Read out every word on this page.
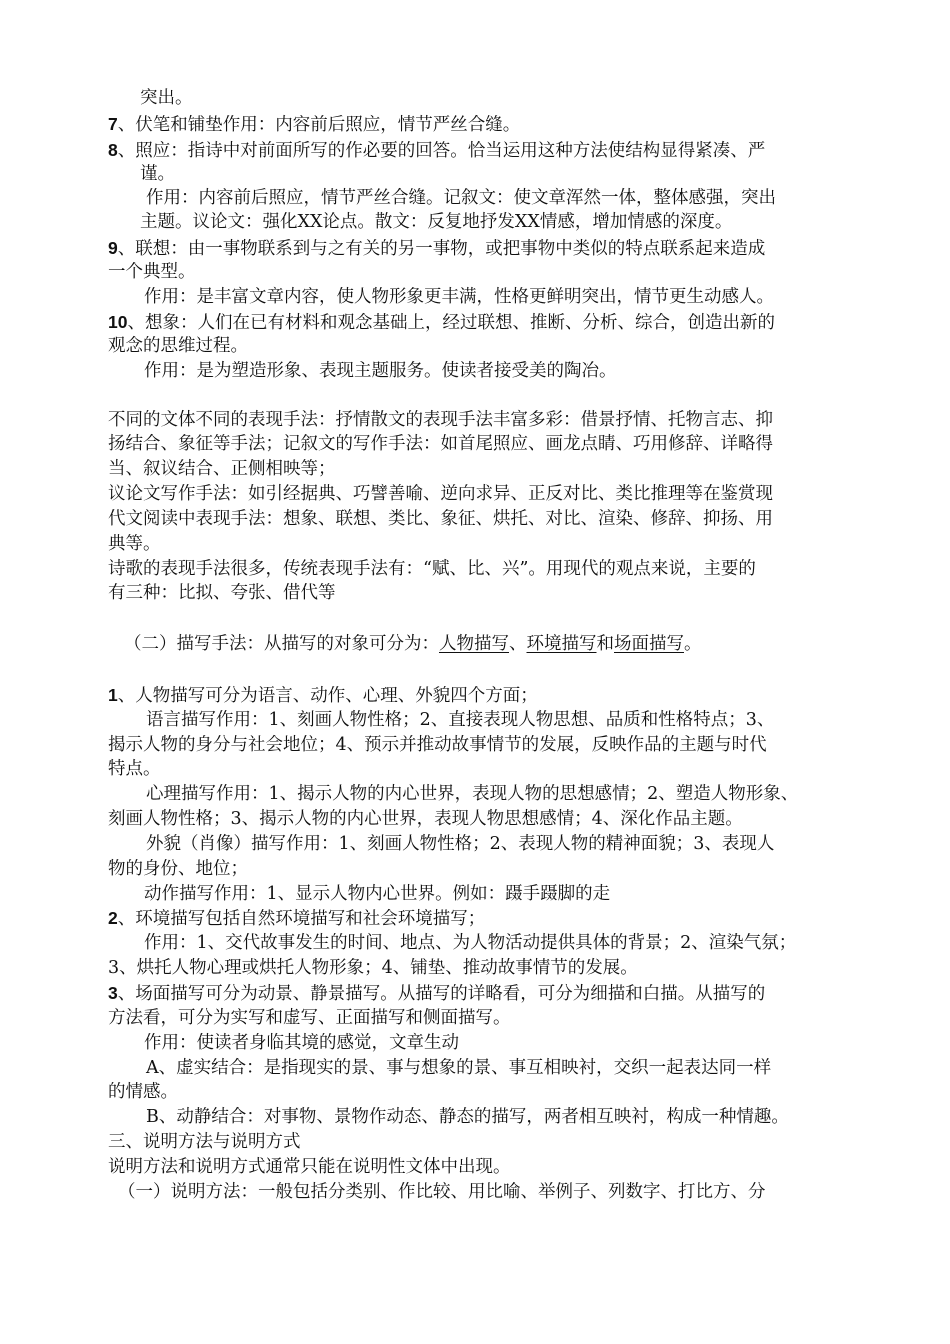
突出。
7、伏笔和铺垫作用：内容前后照应，情节严丝合缝。
8、照应：指诗中对前面所写的作必要的回答。恰当运用这种方法使结构显得紧凑、严
谨。
作用：内容前后照应，情节严丝合缝。记叙文：使文章浑然一体，整体感强，突出
主题。议论文：强化XX论点。散文：反复地抒发XX情感，增加情感的深度。
9、联想：由一事物联系到与之有关的另一事物，或把事物中类似的特点联系起来造成
一个典型。
作用：是丰富文章内容，使人物形象更丰满，性格更鲜明突出，情节更生动感人。
10、想象：人们在已有材料和观念基础上，经过联想、推断、分析、综合，创造出新的
观念的思维过程。
作用：是为塑造形象、表现主题服务。使读者接受美的陶冶。
不同的文体不同的表现手法：抒情散文的表现手法丰富多彩：借景抒情、托物言志、抑
扬结合、象征等手法；记叙文的写作手法：如首尾照应、画龙点睛、巧用修辞、详略得
当、叙议结合、正侧相映等；
议论文写作手法：如引经据典、巧譬善喻、逆向求异、正反对比、类比推理等在鉴赏现
代文阅读中表现手法：想象、联想、类比、象征、烘托、对比、渲染、修辞、抑扬、用
典等。
诗歌的表现手法很多，传统表现手法有：“赋、比、兴”。用现代的观点来说，主要的
有三种：比拟、夸张、借代等
（二）描写手法：从描写的对象可分为：人物描写、环境描写和场面描写。
1、人物描写可分为语言、动作、心理、外貌四个方面；
语言描写作用：1、刻画人物性格；2、直接表现人物思想、品质和性格特点；3、
揭示人物的身分与社会地位；4、预示并推动故事情节的发展，反映作品的主题与时代
特点。
心理描写作用：1、揭示人物的内心世界，表现人物的思想感情；2、塑造人物形象、
刻画人物性格；3、揭示人物的内心世界，表现人物思想感情；4、深化作品主题。
外貌（肖像）描写作用：1、刻画人物性格；2、表现人物的精神面貌；3、表现人
物的身份、地位；
动作描写作用：1、显示人物内心世界。例如：蹑手蹑脚的走
2、环境描写包括自然环境描写和社会环境描写；
作用：1、交代故事发生的时间、地点、为人物活动提供具体的背景；2、渲染气氛；
3、烘托人物心理或烘托人物形象；4、铺垫、推动故事情节的发展。
3、场面描写可分为动景、静景描写。从描写的详略看，可分为细描和白描。从描写的
方法看，可分为实写和虚写、正面描写和侧面描写。
作用：使读者身临其境的感觉，文章生动
A、虚实结合：是指现实的景、事与想象的景、事互相映衬，交织一起表达同一样
的情感。
B、动静结合：对事物、景物作动态、静态的描写，两者相互映衬，构成一种情趣。
三、说明方法与说明方式
说明方法和说明方式通常只能在说明性文体中出现。
（一）说明方法：一般包括分类别、作比较、用比喻、举例子、列数字、打比方、分
